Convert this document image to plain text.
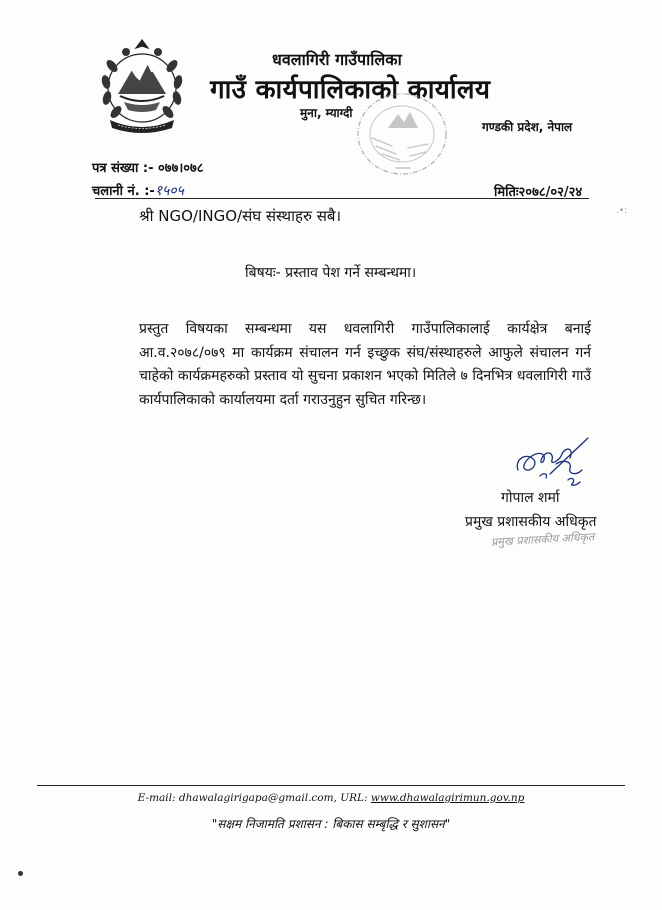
धवलागिरी गाउँपालिका
गाउँ कार्यपालिकाको कार्यालय
मुना, म्याग्दी
गण्डकी प्रदेश, नेपाल
पत्र संख्या :- ०७७।०७८
चलानी नं. :-१५०५	मितिः२०७८/०२/२४
श्री NGO/INGO/संघ संस्थाहरु सबै।
बिषयः- प्रस्ताव पेश गर्ने सम्बन्धमा।
प्रस्तुत विषयका सम्बन्धमा यस धवलागिरी गाउँपालिकालाई कार्यक्षेत्र बनाई आ.व.२०७८/०७९ मा कार्यक्रम संचालन गर्न इच्छुक संघ/संस्थाहरुले आफुले संचालन गर्न चाहेको कार्यक्रमहरुको प्रस्ताव यो सुचना प्रकाशन भएको मितिले ७ दिनभित्र धवलागिरी गाउँ कार्यपालिकाको कार्यालयमा दर्ता गराउनुहुन सुचित गरिन्छ।
गोपाल शर्मा
प्रमुख प्रशासकीय अधिकृत
प्रमुख प्रशासकीय अधिकृत
.•:
E-mail: dhawalagirigapa@gmail.com, URL: www.dhawalagirimun.gov.np
"सक्षम निजामति प्रशासन : बिकास सम्बृद्धि र सुशासन"
